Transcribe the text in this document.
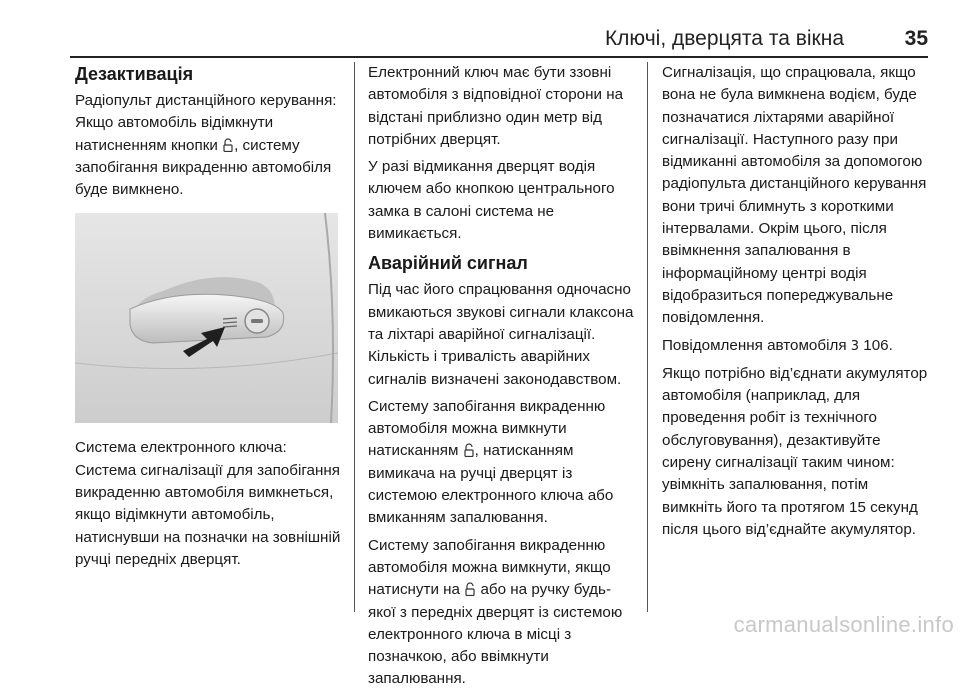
Ключі, дверцята та вікна	35
Дезактивація

Радіопульт дистанційного керування: Якщо автомобіль відімкнути натисненням кнопки , систему запобігання викраденню автомобіля буде вимкнено.

Система електронного ключа: Система сигналізації для запобігання викраденню автомобіля вимкнеться, якщо відімкнути автомобіль, натиснувши на позначки на зовнішній ручці передніх дверцят.

Електронний ключ має бути ззовні автомобіля з відповідної сторони на відстані приблизно один метр від потрібних дверцят.

У разі відмикання дверцят водія ключем або кнопкою центрального замка в салоні система не вимикається.

Аварійний сигнал

Під час його спрацювання одночасно вмикаються звукові сигнали клаксона та ліхтарі аварійної сигналізації. Кількість і тривалість аварійних сигналів визначені законодавством.

Систему запобігання викраденню автомобіля можна вимкнути натисканням , натисканням вимикача на ручці дверцят із системою електронного ключа або вмиканням запалювання.

Систему запобігання викраденню автомобіля можна вимкнути, якщо натиснути на  або на ручку будь-якої з передніх дверцят із системою електронного ключа в місці з позначкою, або ввімкнути запалювання.

Сигналізація, що спрацювала, якщо вона не була вимкнена водієм, буде позначатися ліхтарями аварійної сигналізації. Наступного разу при відмиканні автомобіля за допомогою радіопульта дистанційного керування вони тричі блимнуть з короткими інтервалами. Окрім цього, після ввімкнення запалювання в інформаційному центрі водія відобразиться попереджувальне повідомлення.

Повідомлення автомобіля 3 106.

Якщо потрібно від’єднати акумулятор автомобіля (наприклад, для проведення робіт із технічного обслуговування), дезактивуйте сирену сигналізації таким чином: увімкніть запалювання, потім вимкніть його та протягом 15 секунд після цього від’єднайте акумулятор.

carmanualsonline.info
